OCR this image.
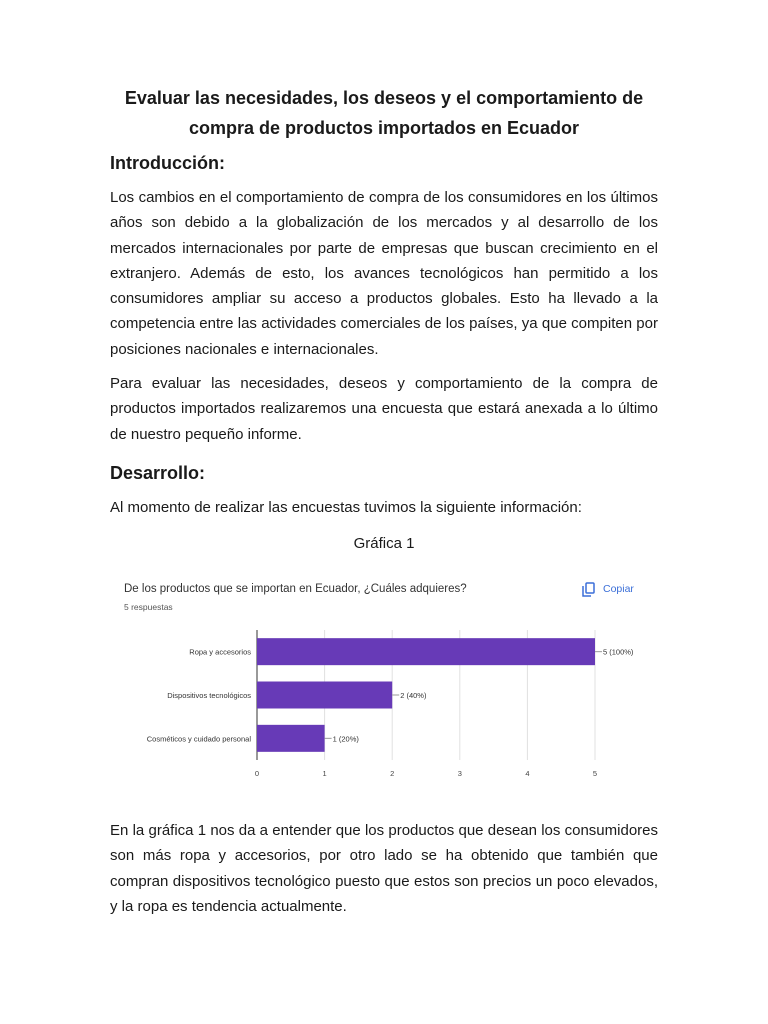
Evaluar las necesidades, los deseos y el comportamiento de compra de productos importados en Ecuador
Introducción:

Los cambios en el comportamiento de compra de los consumidores en los últimos años son debido a la globalización de los mercados y al desarrollo de los mercados internacionales por parte de empresas que buscan crecimiento en el extranjero. Además de esto, los avances tecnológicos han permitido a los consumidores ampliar su acceso a productos globales. Esto ha llevado a la competencia entre las actividades comerciales de los países, ya que compiten por posiciones nacionales e internacionales.

Para evaluar las necesidades, deseos y comportamiento de la compra de productos importados realizaremos una encuesta que estará anexada a lo último de nuestro pequeño informe.

Desarrollo:

Al momento de realizar las encuestas tuvimos la siguiente información:

Gráfica 1
De los productos que se importan en Ecuador, ¿Cuáles adquieres?
5 respuestas
Copiar
0	1	2	3	4	5
Ropa y accesorios	5 (100%)
Dispositivos tecnológicos	2 (40%)
Cosméticos y cuidado personal	1 (20%)

En la gráfica 1 nos da a entender que los productos que desean los consumidores son más ropa y accesorios, por otro lado se ha obtenido que también que compran dispositivos tecnológico puesto que estos son precios un poco elevados, y la ropa es tendencia actualmente.
